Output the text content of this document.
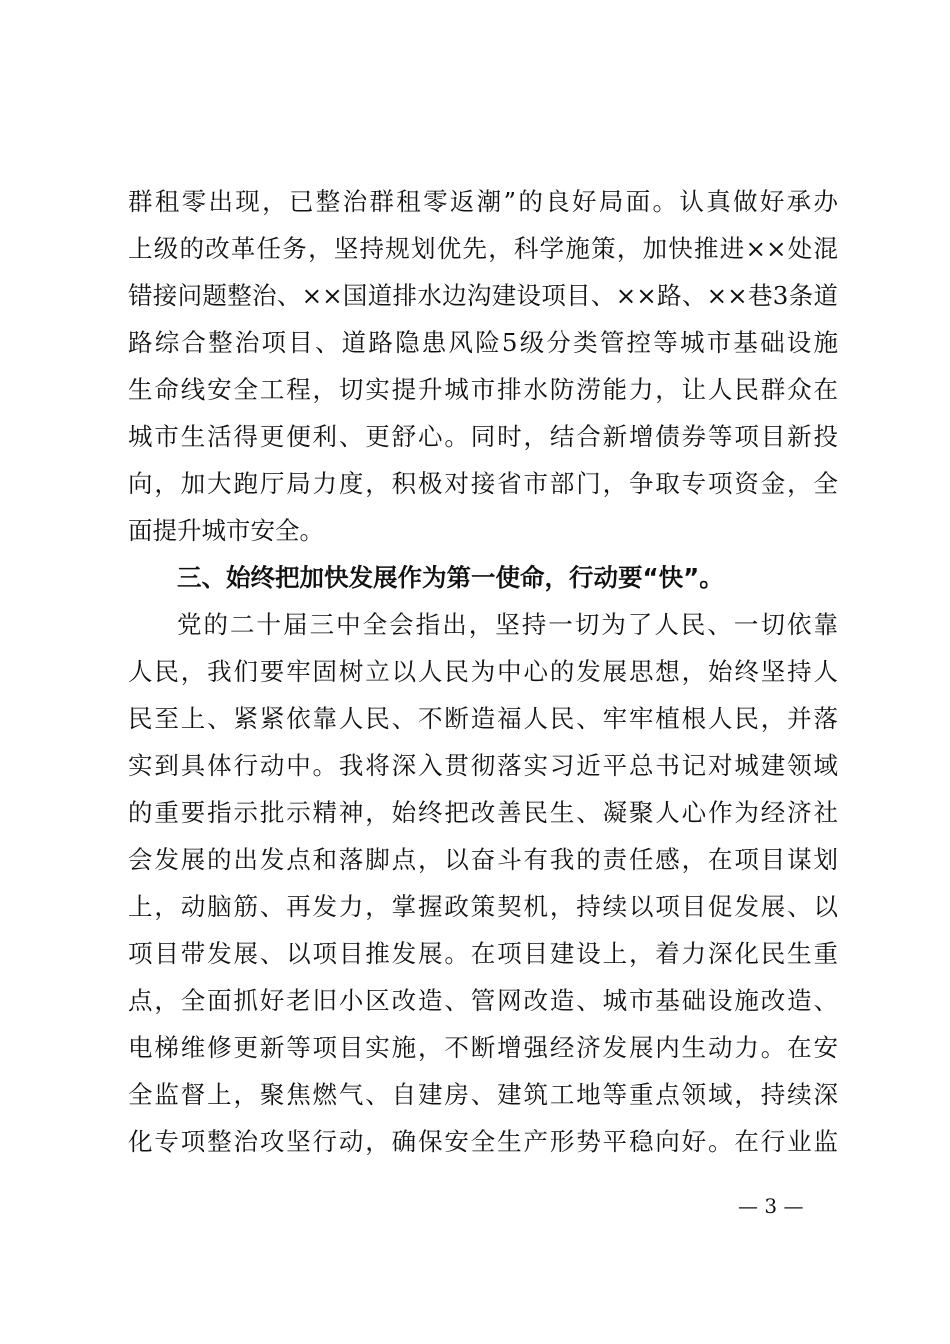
群租零出现，已整治群租零返潮”的良好局面。认真做好承办
上级的改革任务，坚持规划优先，科学施策，加快推进××处混
错接问题整治、××国道排水边沟建设项目、××路、××巷3条道
路综合整治项目、道路隐患风险5级分类管控等城市基础设施
生命线安全工程，切实提升城市排水防涝能力，让人民群众在
城市生活得更便利、更舒心。同时，结合新增债券等项目新投
向，加大跑厅局力度，积极对接省市部门，争取专项资金，全
面提升城市安全。
三、始终把加快发展作为第一使命，行动要“快”。
党的二十届三中全会指出，坚持一切为了人民、一切依靠
人民，我们要牢固树立以人民为中心的发展思想，始终坚持人
民至上、紧紧依靠人民、不断造福人民、牢牢植根人民，并落
实到具体行动中。我将深入贯彻落实习近平总书记对城建领域
的重要指示批示精神，始终把改善民生、凝聚人心作为经济社
会发展的出发点和落脚点，以奋斗有我的责任感，在项目谋划
上，动脑筋、再发力，掌握政策契机，持续以项目促发展、以
项目带发展、以项目推发展。在项目建设上，着力深化民生重
点，全面抓好老旧小区改造、管网改造、城市基础设施改造、
电梯维修更新等项目实施，不断增强经济发展内生动力。在安
全监督上，聚焦燃气、自建房、建筑工地等重点领域，持续深
化专项整治攻坚行动，确保安全生产形势平稳向好。在行业监
— 3 —
